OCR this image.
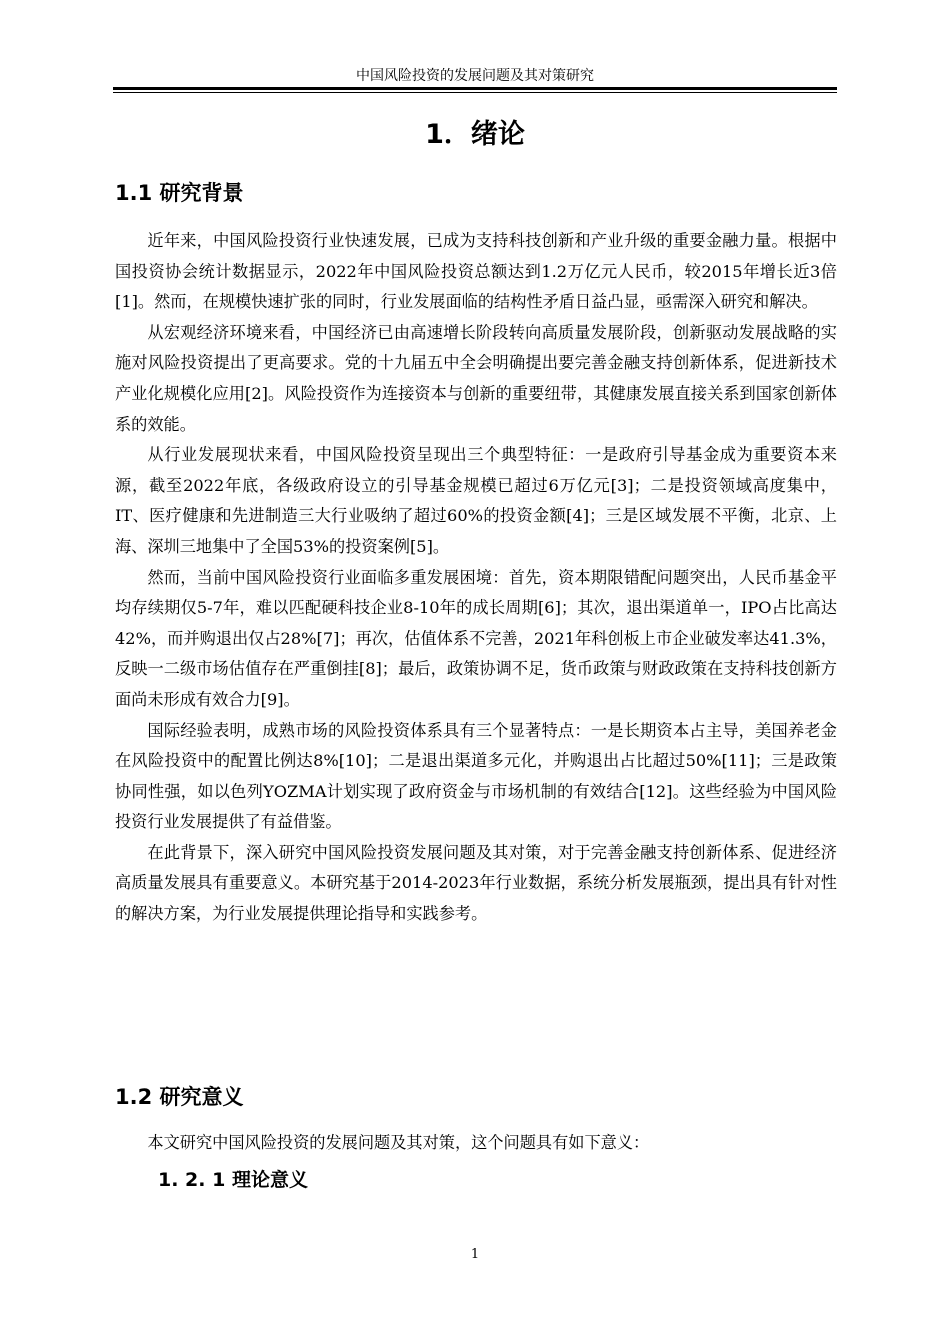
中国风险投资的发展问题及其对策研究
1．绪论
1.1 研究背景

近年来，中国风险投资行业快速发展，已成为支持科技创新和产业升级的重要金融力量。根据中国投资协会统计数据显示，2022年中国风险投资总额达到1.2万亿元人民币，较2015年增长近3倍[1]。然而，在规模快速扩张的同时，行业发展面临的结构性矛盾日益凸显，亟需深入研究和解决。

从宏观经济环境来看，中国经济已由高速增长阶段转向高质量发展阶段，创新驱动发展战略的实施对风险投资提出了更高要求。党的十九届五中全会明确提出要完善金融支持创新体系，促进新技术产业化规模化应用[2]。风险投资作为连接资本与创新的重要纽带，其健康发展直接关系到国家创新体系的效能。

从行业发展现状来看，中国风险投资呈现出三个典型特征：一是政府引导基金成为重要资本来源，截至2022年底，各级政府设立的引导基金规模已超过6万亿元[3]；二是投资领域高度集中，IT、医疗健康和先进制造三大行业吸纳了超过60%的投资金额[4]；三是区域发展不平衡，北京、上海、深圳三地集中了全国53%的投资案例[5]。

然而，当前中国风险投资行业面临多重发展困境：首先，资本期限错配问题突出，人民币基金平均存续期仅5-7年，难以匹配硬科技企业8-10年的成长周期[6]；其次，退出渠道单一，IPO占比高达42%，而并购退出仅占28%[7]；再次，估值体系不完善，2021年科创板上市企业破发率达41.3%，反映一二级市场估值存在严重倒挂[8]；最后，政策协调不足，货币政策与财政政策在支持科技创新方面尚未形成有效合力[9]。

国际经验表明，成熟市场的风险投资体系具有三个显著特点：一是长期资本占主导，美国养老金在风险投资中的配置比例达8%[10]；二是退出渠道多元化，并购退出占比超过50%[11]；三是政策协同性强，如以色列YOZMA计划实现了政府资金与市场机制的有效结合[12]。这些经验为中国风险投资行业发展提供了有益借鉴。

在此背景下，深入研究中国风险投资发展问题及其对策，对于完善金融支持创新体系、促进经济高质量发展具有重要意义。本研究基于2014-2023年行业数据，系统分析发展瓶颈，提出具有针对性的解决方案，为行业发展提供理论指导和实践参考。

1.2 研究意义

本文研究中国风险投资的发展问题及其对策，这个问题具有如下意义：

1. 2. 1 理论意义
1
